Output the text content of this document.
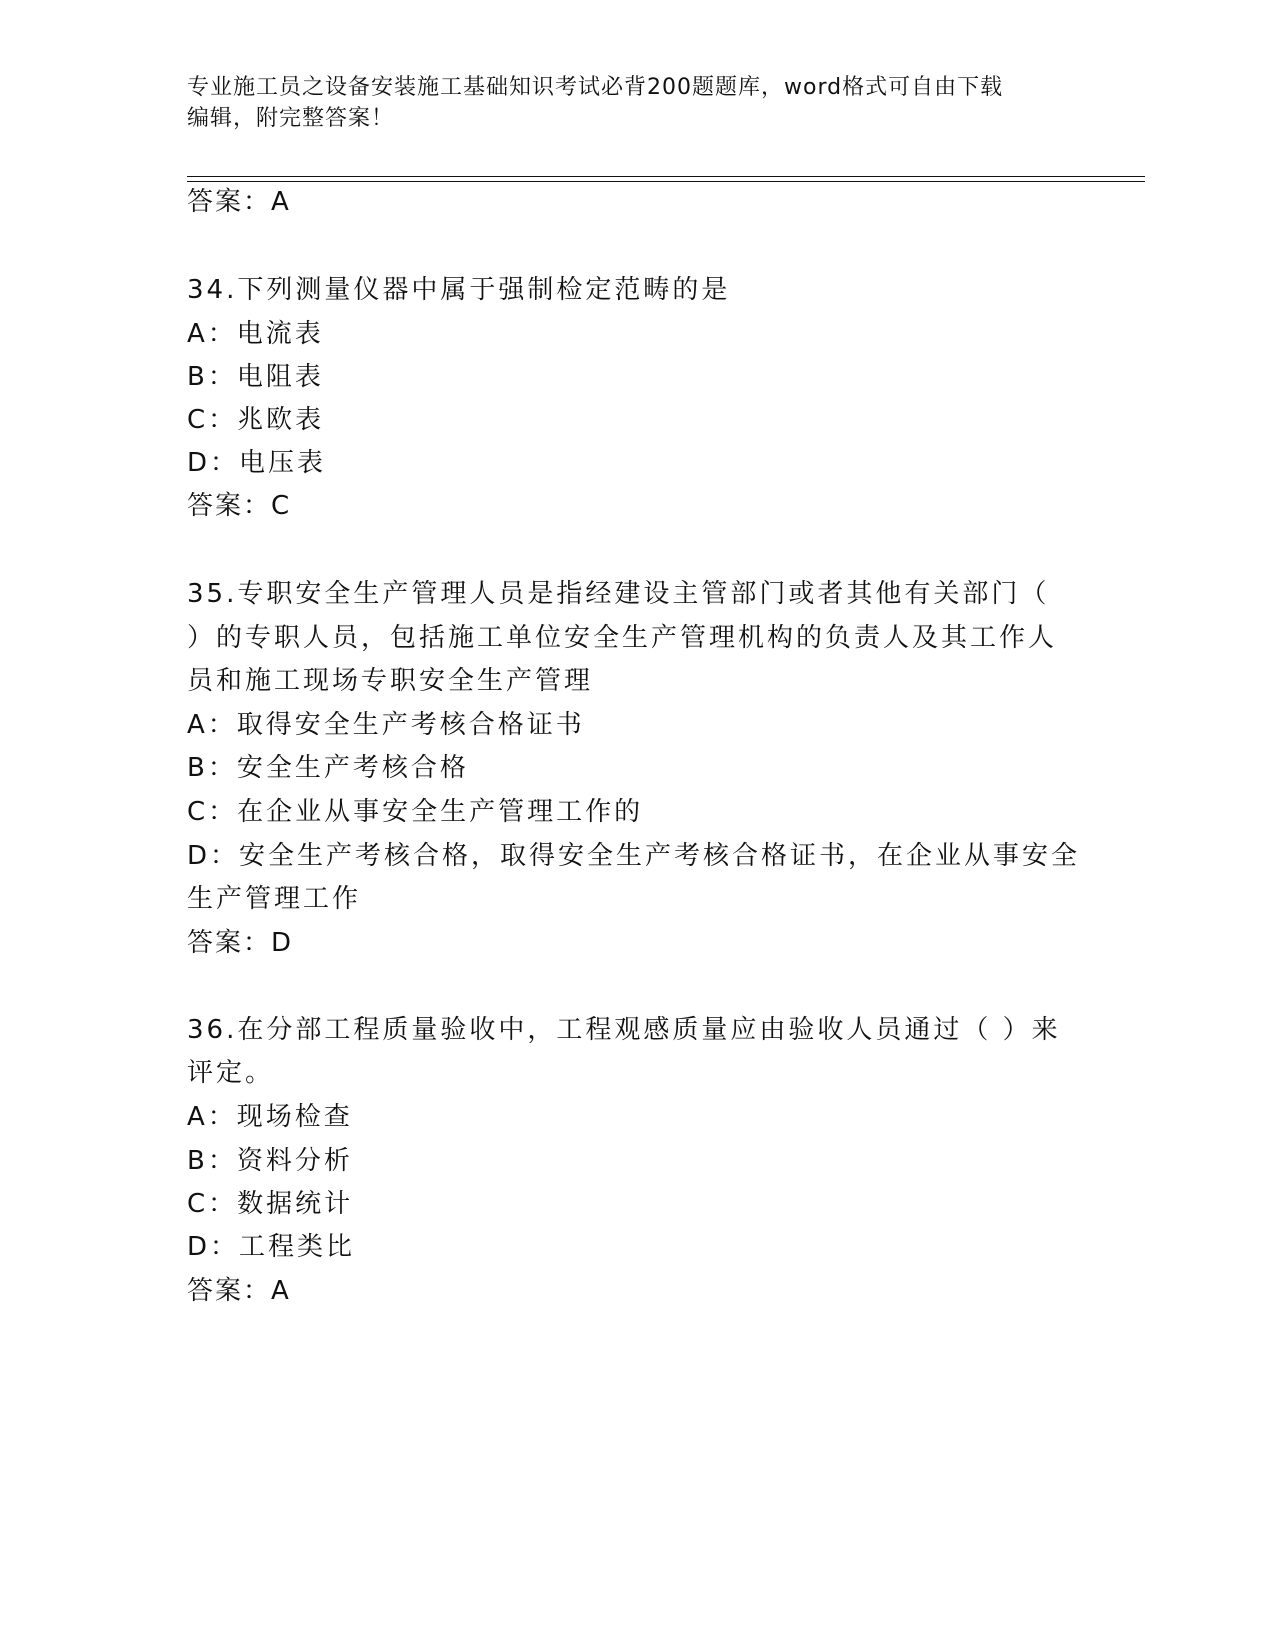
专业施工员之设备安装施工基础知识考试必背200题题库，word格式可自由下载
编辑，附完整答案！
答案：A
34.下列测量仪器中属于强制检定范畴的是
A：电流表
B：电阻表
C：兆欧表
D：电压表
答案：C
35.专职安全生产管理人员是指经建设主管部门或者其他有关部门（
）的专职人员，包括施工单位安全生产管理机构的负责人及其工作人
员和施工现场专职安全生产管理
A：取得安全生产考核合格证书
B：安全生产考核合格
C：在企业从事安全生产管理工作的
D：安全生产考核合格，取得安全生产考核合格证书，在企业从事安全
生产管理工作
答案：D
36.在分部工程质量验收中，工程观感质量应由验收人员通过（ ）来
评定。
A：现场检查
B：资料分析
C：数据统计
D：工程类比
答案：A
